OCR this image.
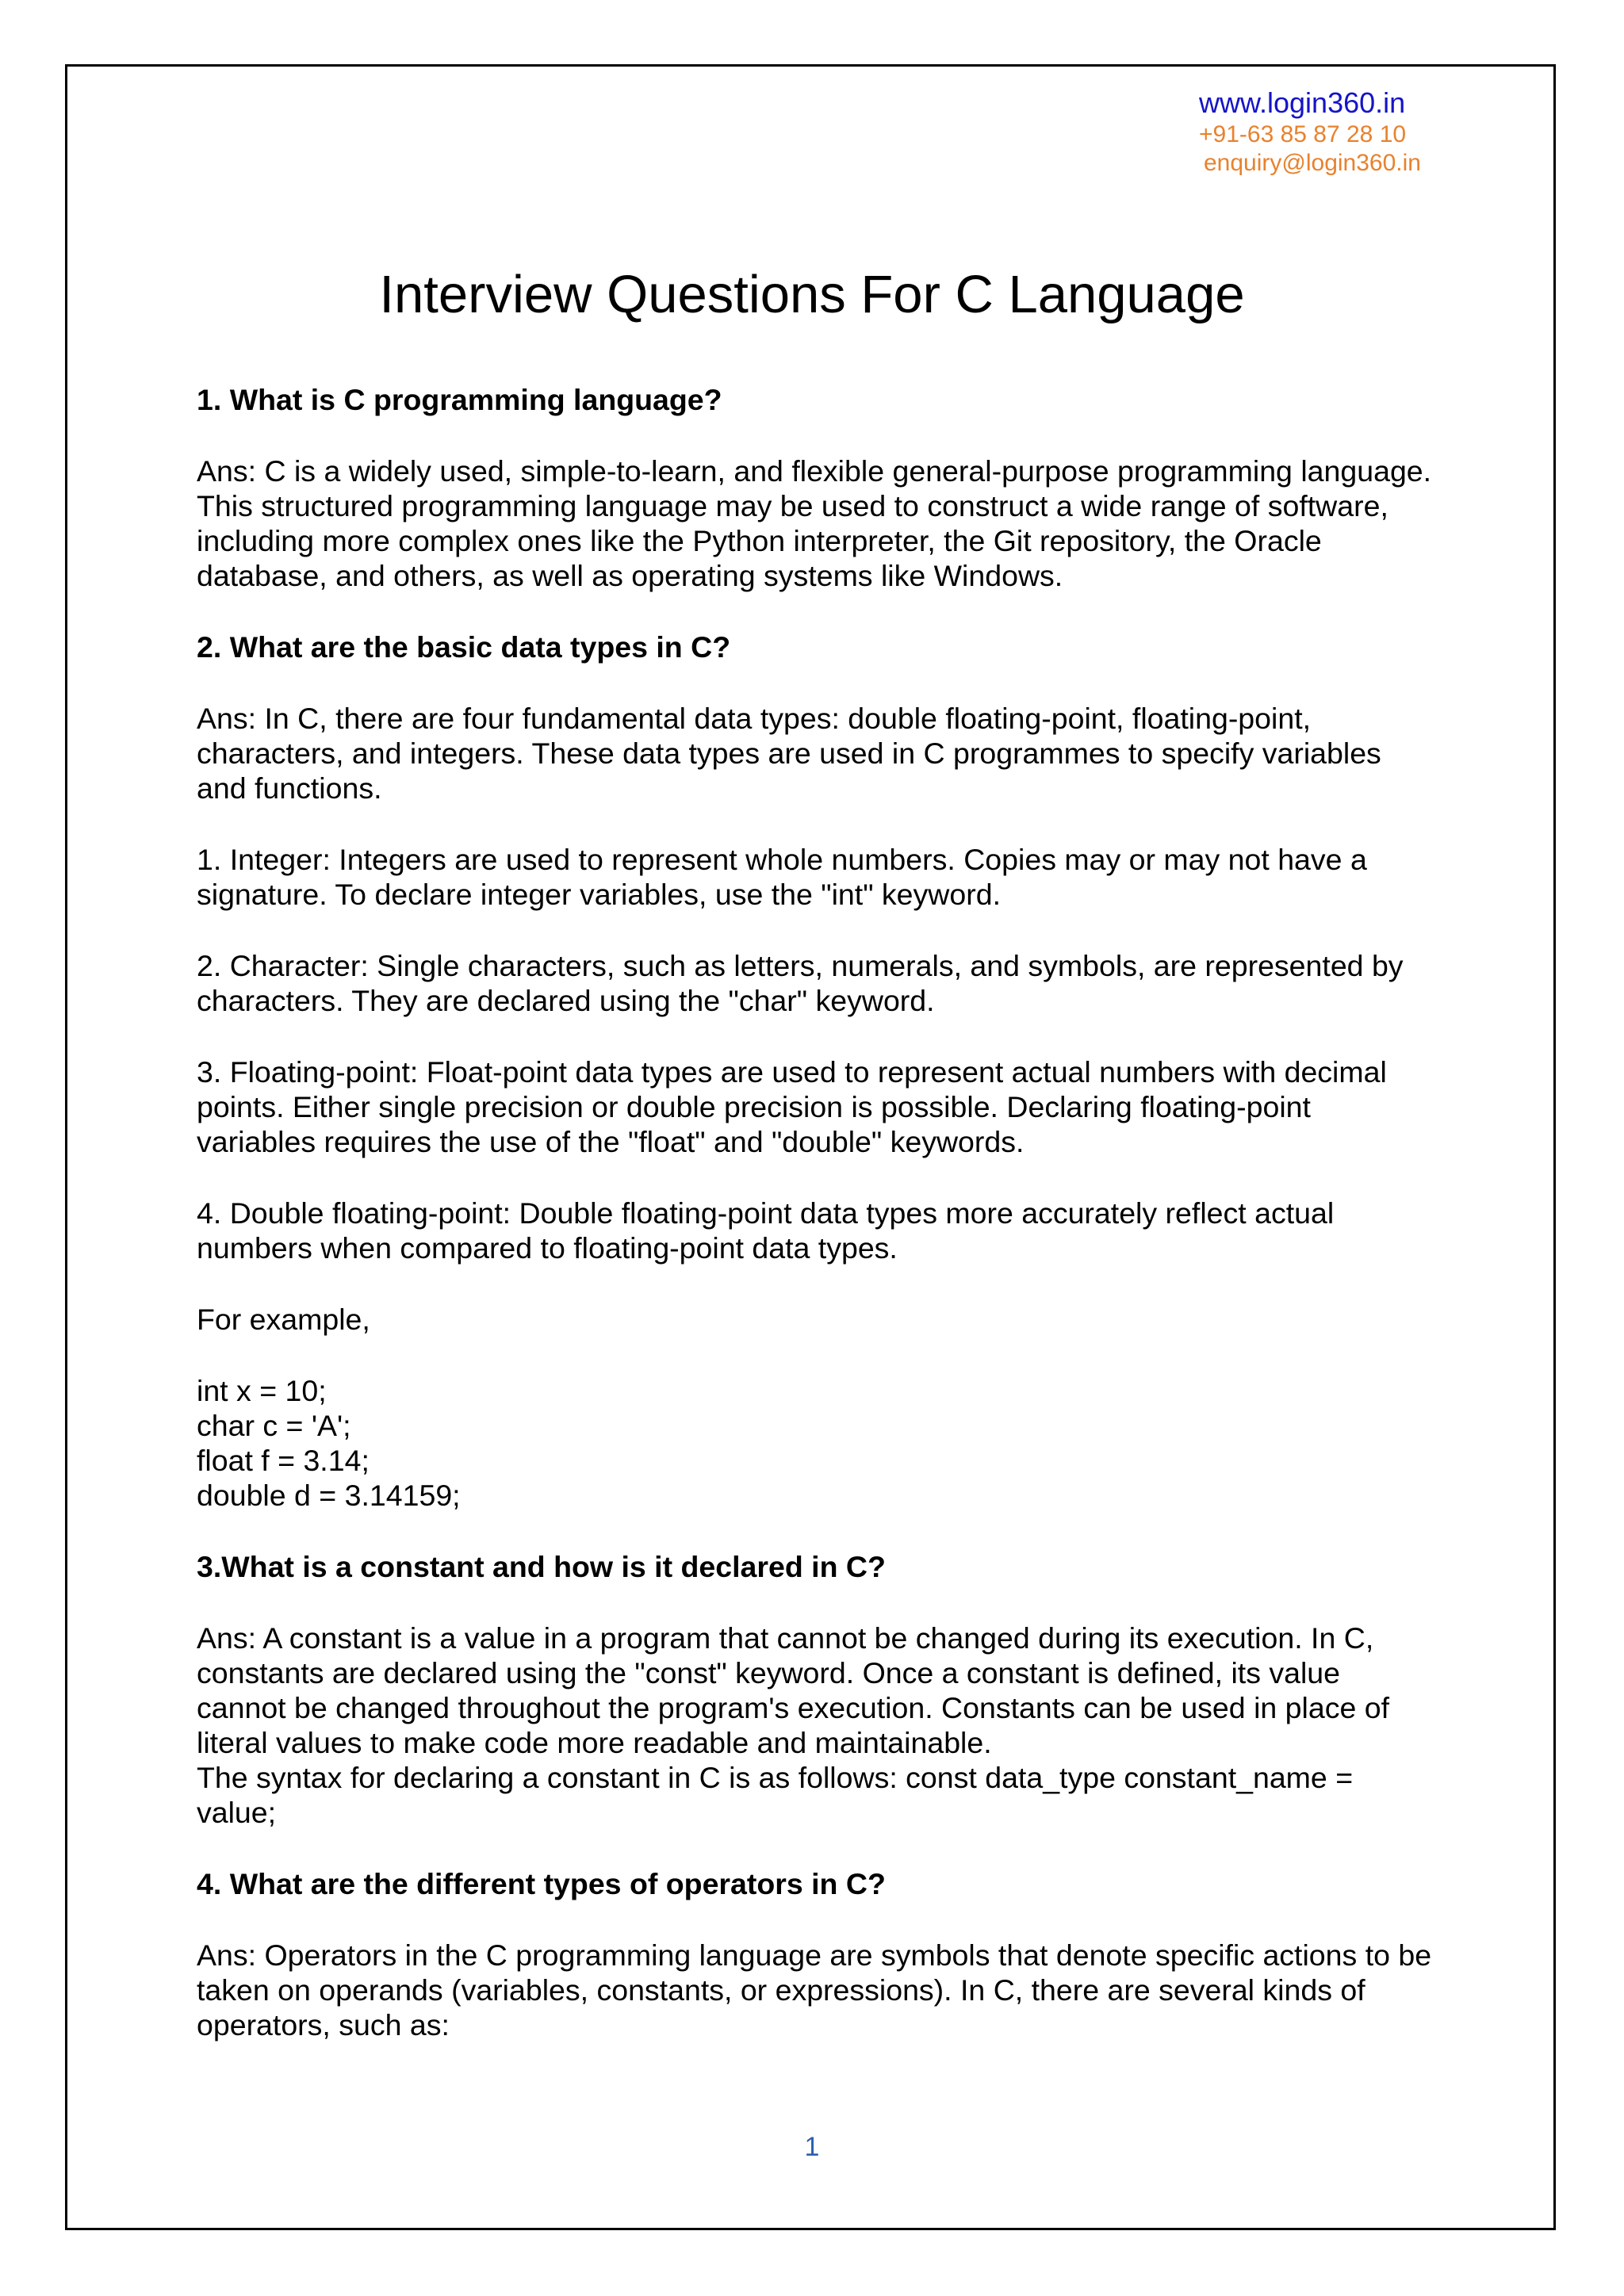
www.login360.in
+91-63 85 87 28 10
enquiry@login360.in
Interview Questions For C Language

1. What is C programming language?

Ans: C is a widely used, simple-to-learn, and flexible general-purpose programming language. This structured programming language may be used to construct a wide range of software, including more complex ones like the Python interpreter, the Git repository, the Oracle database, and others, as well as operating systems like Windows.

2. What are the basic data types in C?

Ans: In C, there are four fundamental data types: double floating-point, floating-point, characters, and integers. These data types are used in C programmes to specify variables and functions.

1. Integer: Integers are used to represent whole numbers. Copies may or may not have a signature. To declare integer variables, use the "int" keyword.

2. Character: Single characters, such as letters, numerals, and symbols, are represented by characters. They are declared using the "char" keyword.

3. Floating-point: Float-point data types are used to represent actual numbers with decimal points. Either single precision or double precision is possible. Declaring floating-point variables requires the use of the "float" and "double" keywords.

4. Double floating-point: Double floating-point data types more accurately reflect actual numbers when compared to floating-point data types.

For example,

int x = 10;
char c = 'A';
float f = 3.14;
double d = 3.14159;

3.What is a constant and how is it declared in C?

Ans: A constant is a value in a program that cannot be changed during its execution. In C, constants are declared using the "const" keyword. Once a constant is defined, its value cannot be changed throughout the program's execution. Constants can be used in place of literal values to make code more readable and maintainable.
The syntax for declaring a constant in C is as follows: const data_type constant_name = value;

4. What are the different types of operators in C?

Ans: Operators in the C programming language are symbols that denote specific actions to be taken on operands (variables, constants, or expressions). In C, there are several kinds of operators, such as:

1
